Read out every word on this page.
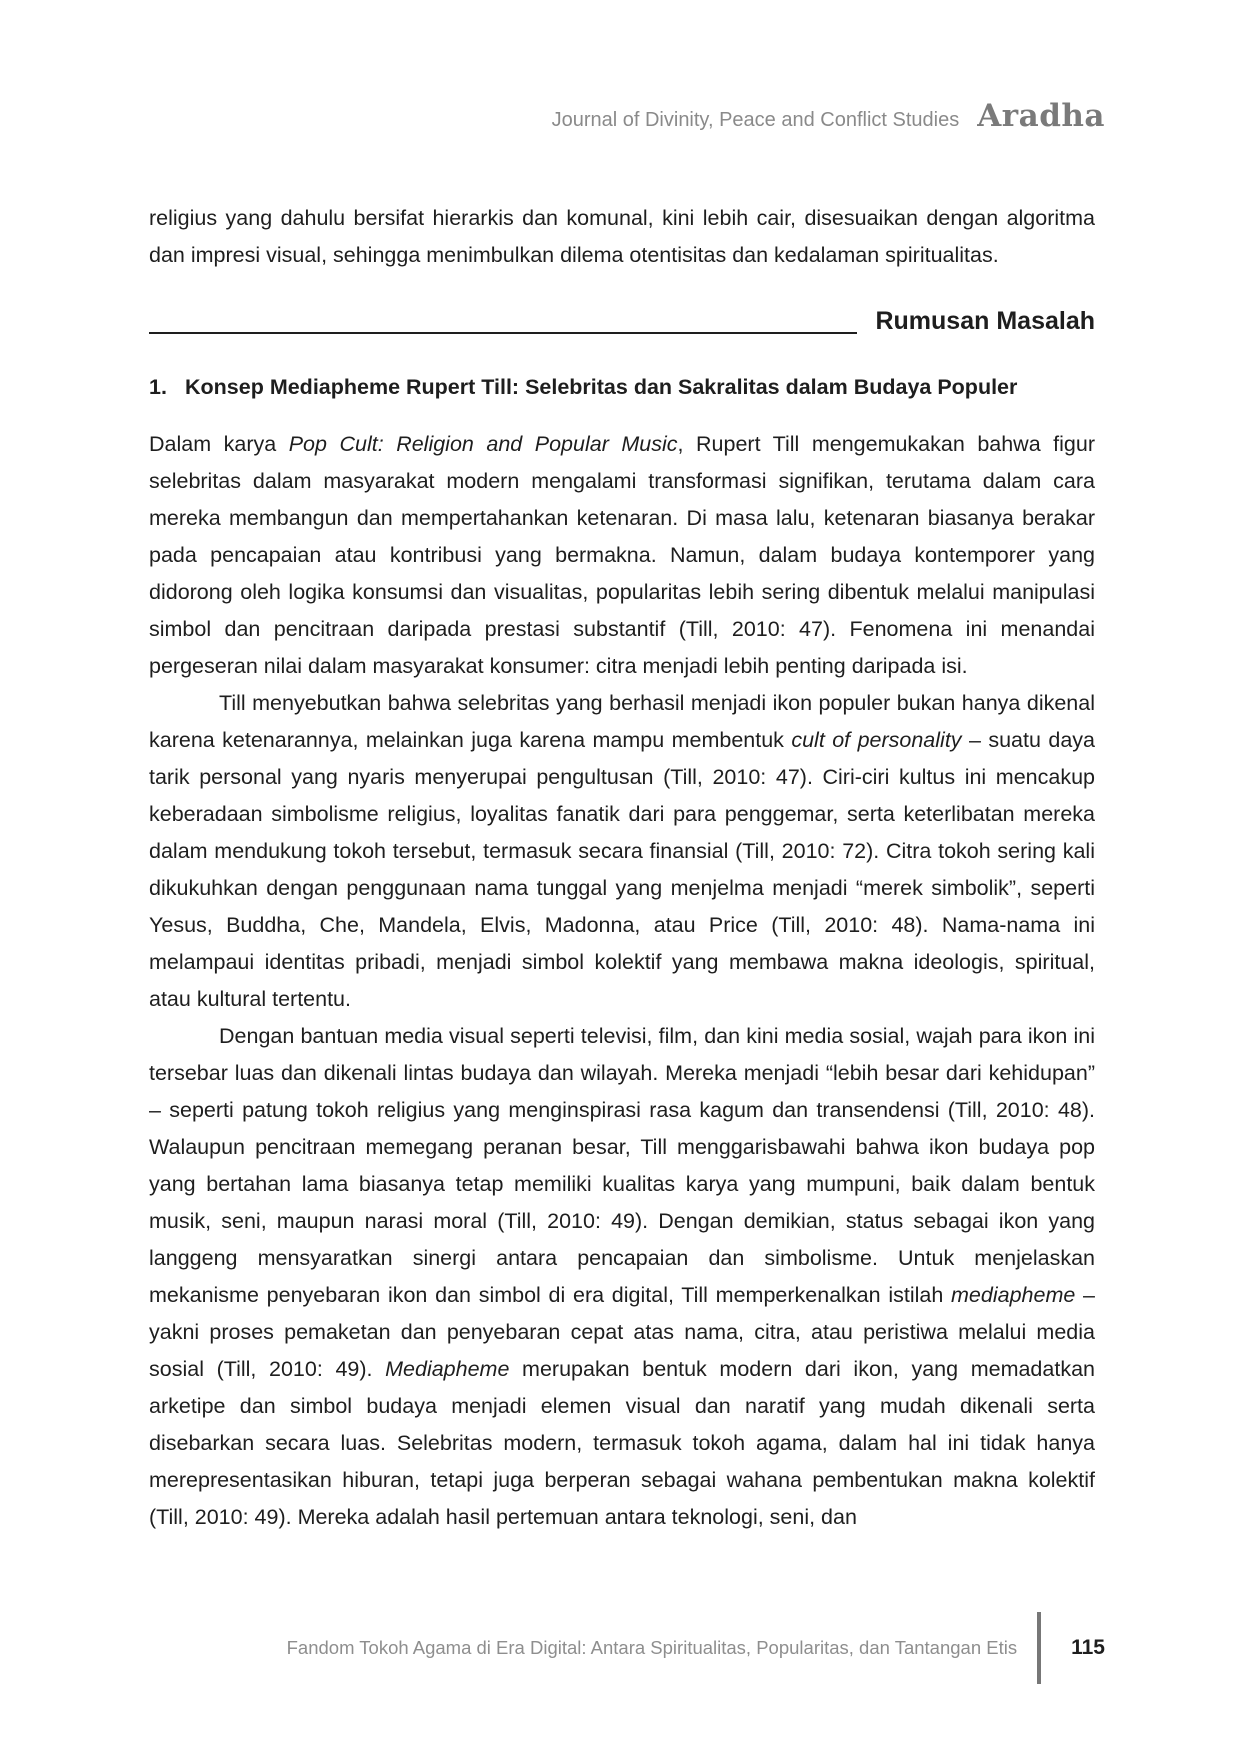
Journal of Divinity, Peace and Conflict Studies Aradha

religius yang dahulu bersifat hierarkis dan komunal, kini lebih cair, disesuaikan dengan algoritma dan impresi visual, sehingga menimbulkan dilema otentisitas dan kedalaman spiritualitas.

Rumusan Masalah
1. Konsep Mediapheme Rupert Till: Selebritas dan Sakralitas dalam Budaya Populer

Dalam karya Pop Cult: Religion and Popular Music, Rupert Till mengemukakan bahwa figur selebritas dalam masyarakat modern mengalami transformasi signifikan, terutama dalam cara mereka membangun dan mempertahankan ketenaran. Di masa lalu, ketenaran biasanya berakar pada pencapaian atau kontribusi yang bermakna. Namun, dalam budaya kontemporer yang didorong oleh logika konsumsi dan visualitas, popularitas lebih sering dibentuk melalui manipulasi simbol dan pencitraan daripada prestasi substantif (Till, 2010: 47). Fenomena ini menandai pergeseran nilai dalam masyarakat konsumer: citra menjadi lebih penting daripada isi.

Till menyebutkan bahwa selebritas yang berhasil menjadi ikon populer bukan hanya dikenal karena ketenarannya, melainkan juga karena mampu membentuk cult of personality – suatu daya tarik personal yang nyaris menyerupai pengultusan (Till, 2010: 47). Ciri-ciri kultus ini mencakup keberadaan simbolisme religius, loyalitas fanatik dari para penggemar, serta keterlibatan mereka dalam mendukung tokoh tersebut, termasuk secara finansial (Till, 2010: 72). Citra tokoh sering kali dikukuhkan dengan penggunaan nama tunggal yang menjelma menjadi “merek simbolik”, seperti Yesus, Buddha, Che, Mandela, Elvis, Madonna, atau Price (Till, 2010: 48). Nama-nama ini melampaui identitas pribadi, menjadi simbol kolektif yang membawa makna ideologis, spiritual, atau kultural tertentu.

Dengan bantuan media visual seperti televisi, film, dan kini media sosial, wajah para ikon ini tersebar luas dan dikenali lintas budaya dan wilayah. Mereka menjadi “lebih besar dari kehidupan” – seperti patung tokoh religius yang menginspirasi rasa kagum dan transendensi (Till, 2010: 48). Walaupun pencitraan memegang peranan besar, Till menggarisbawahi bahwa ikon budaya pop yang bertahan lama biasanya tetap memiliki kualitas karya yang mumpuni, baik dalam bentuk musik, seni, maupun narasi moral (Till, 2010: 49). Dengan demikian, status sebagai ikon yang langgeng mensyaratkan sinergi antara pencapaian dan simbolisme. Untuk menjelaskan mekanisme penyebaran ikon dan simbol di era digital, Till memperkenalkan istilah mediapheme – yakni proses pemaketan dan penyebaran cepat atas nama, citra, atau peristiwa melalui media sosial (Till, 2010: 49). Mediapheme merupakan bentuk modern dari ikon, yang memadatkan arketipe dan simbol budaya menjadi elemen visual dan naratif yang mudah dikenali serta disebarkan secara luas. Selebritas modern, termasuk tokoh agama, dalam hal ini tidak hanya merepresentasikan hiburan, tetapi juga berperan sebagai wahana pembentukan makna kolektif (Till, 2010: 49). Mereka adalah hasil pertemuan antara teknologi, seni, dan

Fandom Tokoh Agama di Era Digital: Antara Spiritualitas, Popularitas, dan Tantangan Etis	115
